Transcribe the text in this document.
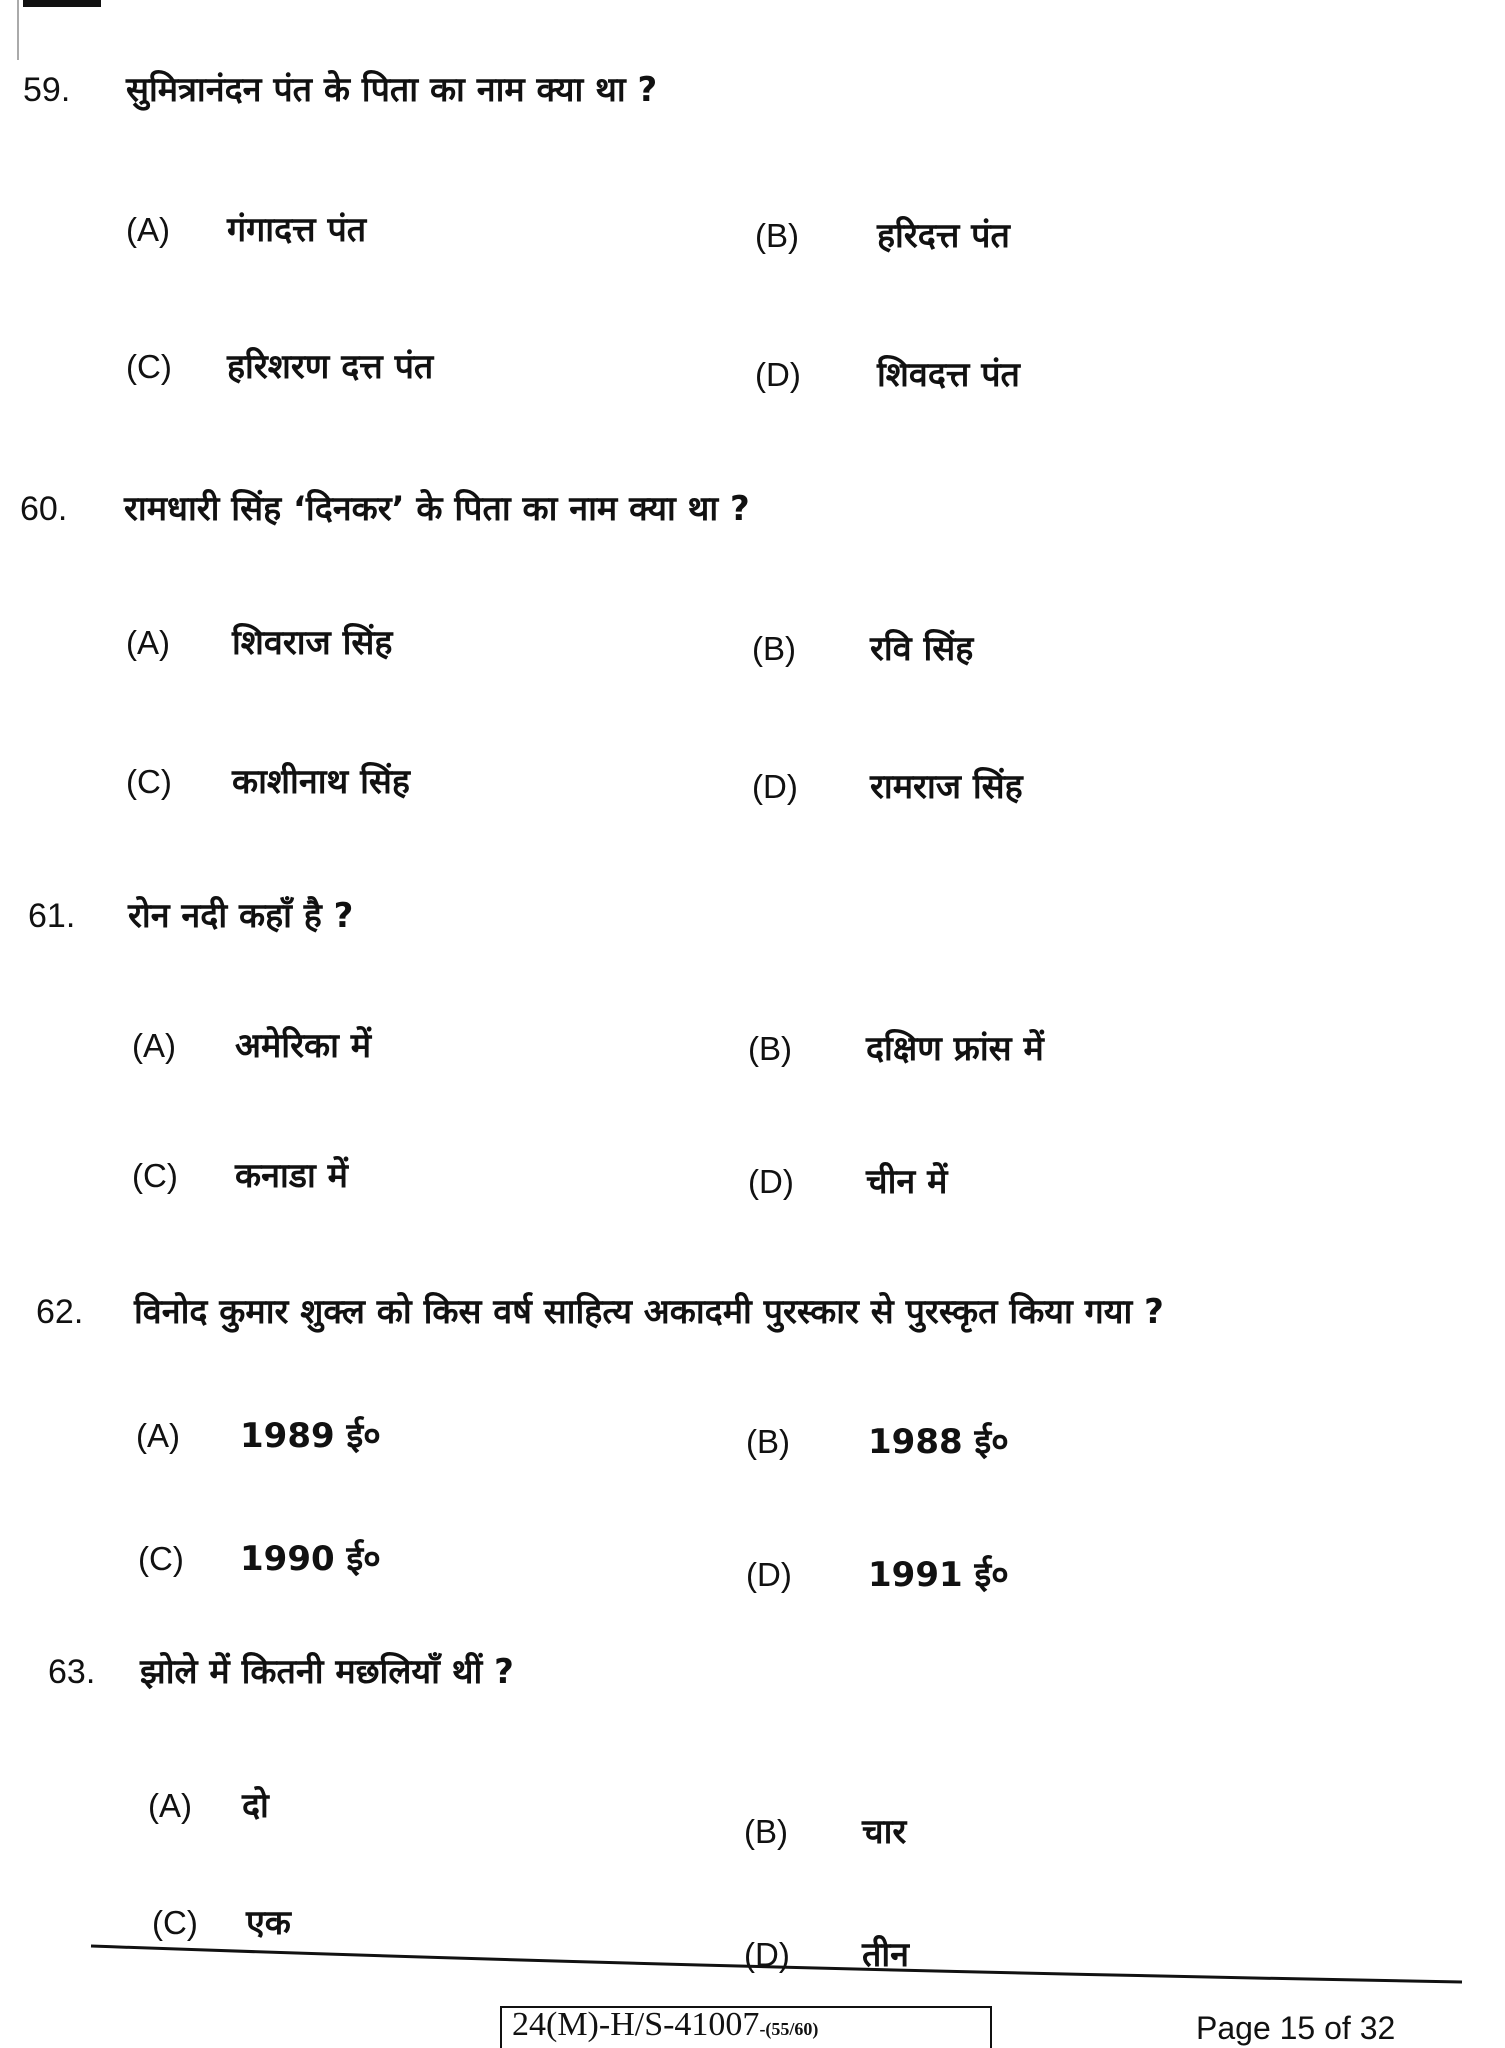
59. सुमित्रानंदन पंत के पिता का नाम क्या था ?
(A) गंगादत्त पंत	(B) हरिदत्त पंत
(C) हरिशरण दत्त पंत	(D) शिवदत्त पंत
60. रामधारी सिंह ‘दिनकर’ के पिता का नाम क्या था ?
(A) शिवराज सिंह	(B) रवि सिंह
(C) काशीनाथ सिंह	(D) रामराज सिंह
61. रोन नदी कहाँ है ?
(A) अमेरिका में	(B) दक्षिण फ्रांस में
(C) कनाडा में	(D) चीन में
62. विनोद कुमार शुक्ल को किस वर्ष साहित्य अकादमी पुरस्कार से पुरस्कृत किया गया ?
(A) 1989 ई०	(B) 1988 ई०
(C) 1990 ई०	(D) 1991 ई०
63. झोले में कितनी मछलियाँ थीं ?
(A) दो
(B) चार
(C) एक
(D) तीन
24(M)-H/S-41007-(55/60)	Page 15 of 32
